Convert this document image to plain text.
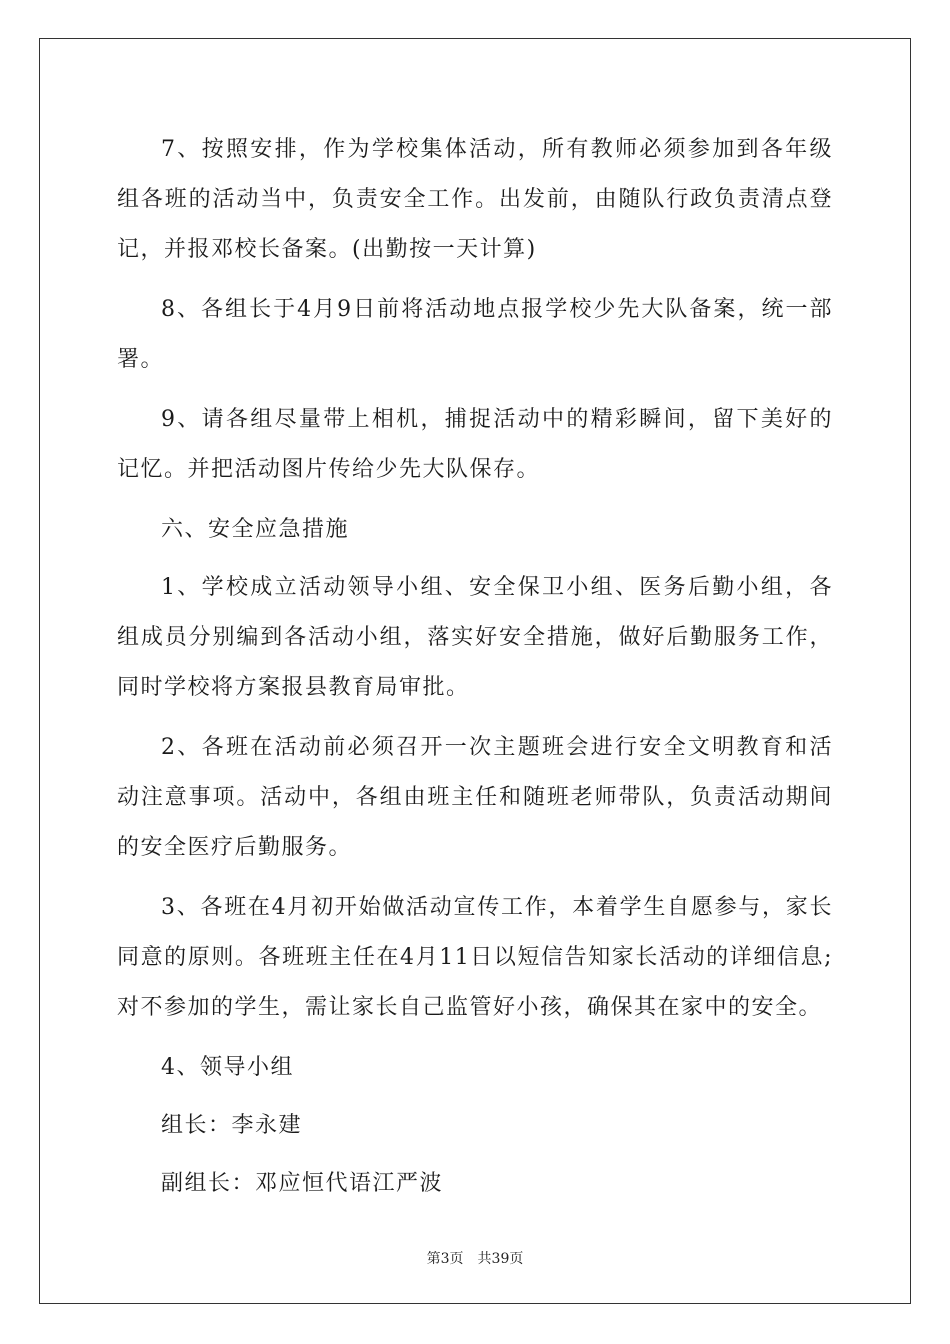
7、按照安排，作为学校集体活动，所有教师必须参加到各年级组各班的活动当中，负责安全工作。出发前，由随队行政负责清点登记，并报邓校长备案。(出勤按一天计算)

8、各组长于4月9日前将活动地点报学校少先大队备案，统一部署。

9、请各组尽量带上相机，捕捉活动中的精彩瞬间，留下美好的记忆。并把活动图片传给少先大队保存。

六、安全应急措施

1、学校成立活动领导小组、安全保卫小组、医务后勤小组，各组成员分别编到各活动小组，落实好安全措施，做好后勤服务工作，同时学校将方案报县教育局审批。

2、各班在活动前必须召开一次主题班会进行安全文明教育和活动注意事项。活动中，各组由班主任和随班老师带队，负责活动期间的安全医疗后勤服务。

3、各班在4月初开始做活动宣传工作，本着学生自愿参与，家长同意的原则。各班班主任在4月11日以短信告知家长活动的详细信息;对不参加的学生，需让家长自己监管好小孩，确保其在家中的安全。

4、领导小组

组长：李永建

副组长：邓应恒代语江严波

第3页 共39页
